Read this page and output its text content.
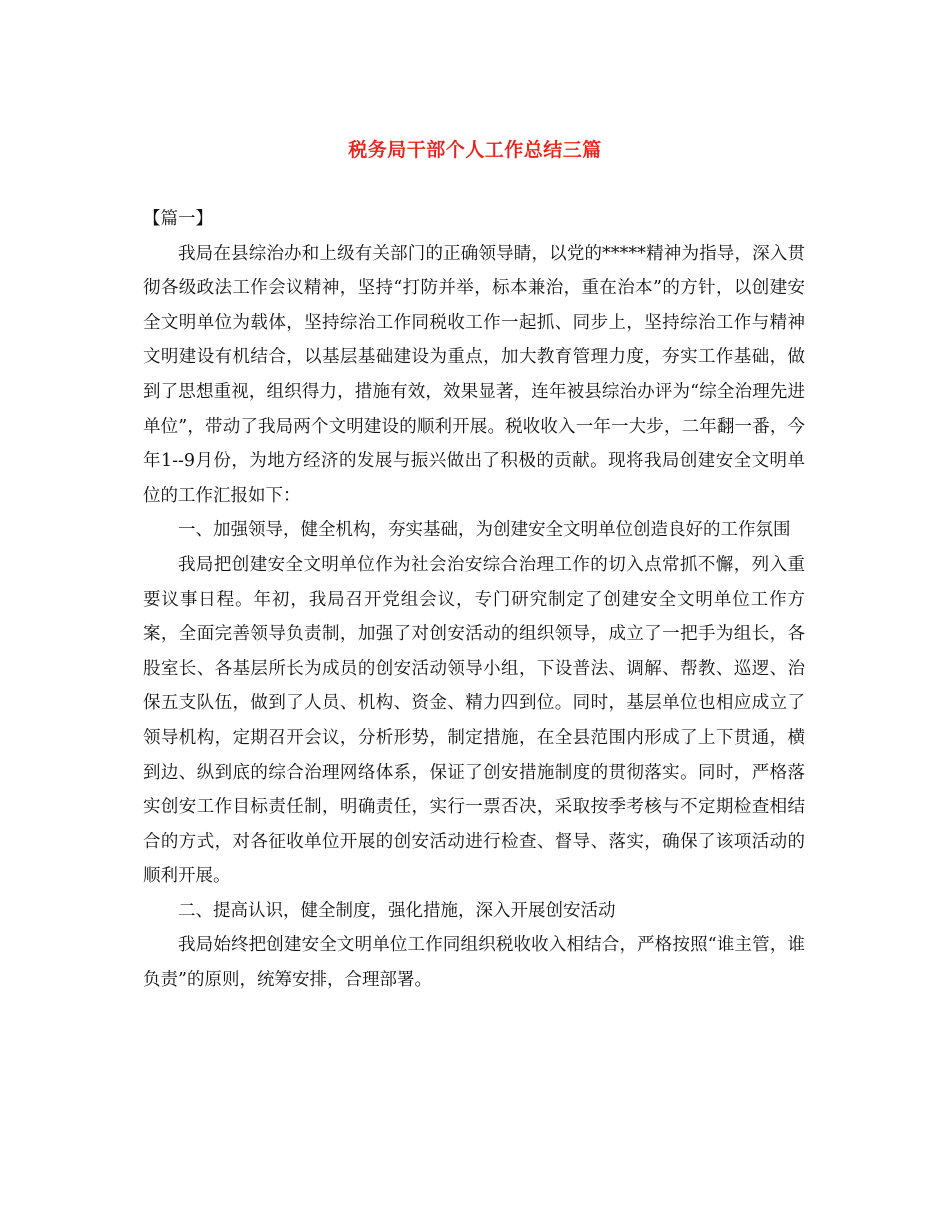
税务局干部个人工作总结三篇

【篇一】

我局在县综治办和上级有关部门的正确领导睛，以党的*****精神为指导，深入贯彻各级政法工作会议精神，坚持“打防并举，标本兼治，重在治本”的方针，以创建安全文明单位为载体，坚持综治工作同税收工作一起抓、同步上，坚持综治工作与精神文明建设有机结合，以基层基础建设为重点，加大教育管理力度，夯实工作基础，做到了思想重视，组织得力，措施有效，效果显著，连年被县综治办评为“综全治理先进单位”，带动了我局两个文明建设的顺利开展。税收收入一年一大步，二年翻一番，今年1--9月份，为地方经济的发展与振兴做出了积极的贡献。现将我局创建安全文明单位的工作汇报如下：

一、加强领导，健全机构，夯实基础，为创建安全文明单位创造良好的工作氛围

我局把创建安全文明单位作为社会治安综合治理工作的切入点常抓不懈，列入重要议事日程。年初，我局召开党组会议，专门研究制定了创建安全文明单位工作方案，全面完善领导负责制，加强了对创安活动的组织领导，成立了一把手为组长，各股室长、各基层所长为成员的创安活动领导小组，下设普法、调解、帮教、巡逻、治保五支队伍，做到了人员、机构、资金、精力四到位。同时，基层单位也相应成立了领导机构，定期召开会议，分析形势，制定措施，在全县范围内形成了上下贯通，横到边、纵到底的综合治理网络体系，保证了创安措施制度的贯彻落实。同时，严格落实创安工作目标责任制，明确责任，实行一票否决，采取按季考核与不定期检查相结合的方式，对各征收单位开展的创安活动进行检查、督导、落实，确保了该项活动的顺利开展。

二、提高认识，健全制度，强化措施，深入开展创安活动

我局始终把创建安全文明单位工作同组织税收收入相结合，严格按照“谁主管，谁负责”的原则，统筹安排，合理部署。
